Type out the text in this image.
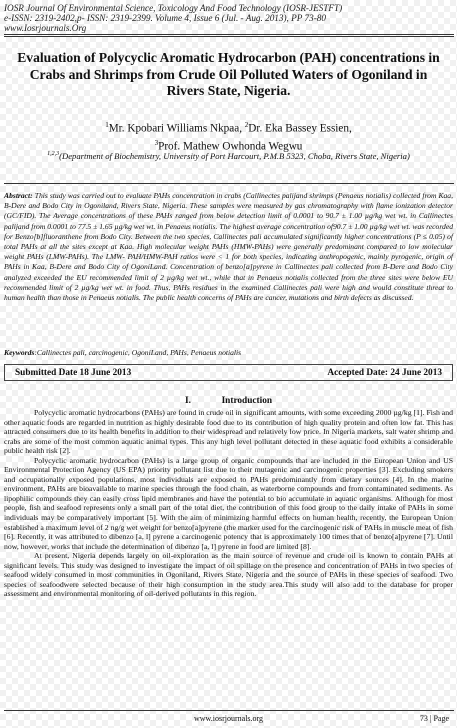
IOSR Journal Of Environmental Science, Toxicology And Food Technology (IOSR-JESTFT)
e-ISSN: 2319-2402,p- ISSN: 2319-2399. Volume 4, Issue 6 (Jul. - Aug. 2013), PP 73-80
www.Iosrjournals.Org
Evaluation of Polycyclic Aromatic Hydrocarbon (PAH) concentrations in Crabs and Shrimps from Crude Oil Polluted Waters of Ogoniland in Rivers State, Nigeria.
$^1$Mr. Kpobari Williams Nkpaa, $^2$Dr. Eka Bassey Essien,
$^3$Prof. Mathew Owhonda Wegwu
$^{1,2,3}$(Department of Biochemistry, University of Port Harcourt, P.M.B 5323, Choba, Rivers State, Nigeria)
Abstract: This study was carried out to evaluate PAHs concentration in crabs (Callinectes palijand shrimps (Penaeus notialis) collected from Kaa, B-Dere and Bodo City in Ogoniland, Rivers State, Nigeria. These samples were measured by gas chromatography with flame ionization detector (GC/FID). The Average concentrations of these PAHs ranged from below detection limit of 0.0001 to 90.7 ± 1.00 µg/kg wet wt. in Callinectes palijand from 0.0001 to 77.5 ± 1.65 µg/kg wet wt. in Penaeus notialis. The highest average concentration of90.7 ± 1.00 µg/kg wet wt. was recorded for Benzo[b]fluoranthene from Bodo City. Between the two species, Callinectes pali accumulated significantly higher concentrations (P ≤ 0.05) of total PAHs at all the sites except at Kaa. High molecular weight PAHs (HMW-PAHs) were generally predominant compared to low molecular weight PAHs (LMW-PAHs). The LMW- PAH/HMW-PAH ratios were < 1 for both species, indicating anthropogenic, mainly pyrogenic, origin of PAHs in Kaa, B-Dere and Bodo City of OgoniLand. Concentration of benzo[a]pyrene in Callinectes pali collected from B-Dere and Bodo City analyzed exceeded the EU recommended limit of 2 µg/kg wet wt., while that in Penaeus notialis collected from the three sites were below EU recommended limit of 2 µg/kg wet wt. in food. Thus, PAHs residues in the examined Callinectes pali were high and would constitute threat to human health than those in Penaeus notialis. The public health concerns of PAHs are cancer, mutations and birth defects as discussed.
Keywords:Callinectes pali, carcinogenic, OgoniLand, PAHs, Penaeus notialis
Submitted Date 18 June 2013	Accepted Date: 24 June 2013
I.	Introduction

Polycyclic aromatic hydrocarbons (PAHs) are found in crude oil in significant amounts, with some exceeding 2000 µg/kg [1]. Fish and other aquatic foods are regarded in nutrition as highly desirable food due to its contribution of high quality protein and often low fat. This has attracted consumers due to its health benefits in addition to their widespread and relatively low price. In Nigeria markets, salt water shrimp and crabs are some of the most common aquatic animal types. This any high level pollutant detected in these aquatic food exhibits a considerable public health risk [2].

Polycyclic aromatic hydrocarbon (PAHs) is a large group of organic compounds that are included in the European Union and US Environmental Protection Agency (US EPA) priority pollutant list due to their mutagenic and carcinogenic properties [3]. Excluding smokers and occupationally exposed populations, most individuals are exposed to PAHs predominantly from dietary sources [4]. In the marine environment, PAHs are bioavailable to marine species through the food chain, as waterborne compounds and from contaminated sediments. As lipophilic compounds they can easily cross lipid membranes and have the potential to bio accumulate in aquatic organisms. Although for most people, fish and seafood represents only a small part of the total diet, the contribution of this food group to the daily intake of PAHs in some individuals may be comparatively important [5]. With the aim of minimizing harmful effects on human health, recently, the European Union established a maximum level of 2 ng/g wet weight for benzo[a]pyrene (the marker used for the carcinogenic risk of PAHs in muscle meat of fish [6]. Recently, it was attributed to dibenzo [a, l] pyrene a carcinogenic potency that is approximately 100 times that of benzo[a]pyrene [7]. Until now, however, works that include the determination of dibenzo [a, l] pyrene in food are limited [8].

At present, Nigeria depends largely on oil-exploration as the main source of revenue and crude oil is known to contain PAHs at significant levels. This study was designed to investigate the impact of oil spillage on the presence and concentration of PAHs in two species of seafood widely consumed in most communities in Ogoniland, Rivers State, Nigeria and the source of PAHs in these species of seafood. Two species of seafoodwere selected because of their high consumption in the study area.This study will also add to the database for proper assessment and environmental monitoring of oil-derived pollutants in this region.

www.iosrjournals.org	73 | Page
